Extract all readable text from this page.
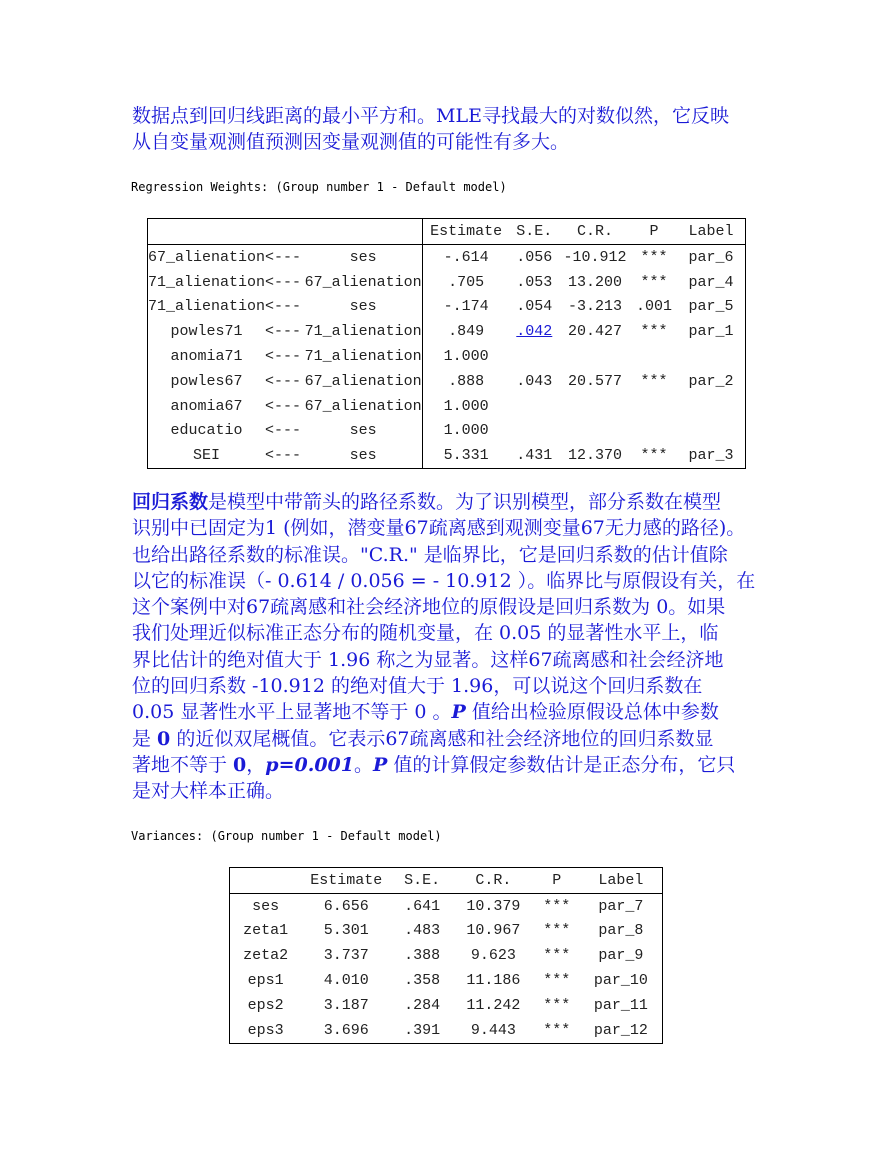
数据点到回归线距离的最小平方和。MLE寻找最大的对数似然，它反映
从自变量观测值预测因变量观测值的可能性有多大。
Regression Weights: (Group number 1 - Default model)
			Estimate	S.E.	C.R.	P	Label
67_alienation	<---	ses	-.614	.056	-10.912	***	par_6
71_alienation	<---	67_alienation	.705	.053	13.200	***	par_4
71_alienation	<---	ses	-.174	.054	-3.213	.001	par_5
powles71	<---	71_alienation	.849	.042	20.427	***	par_1
anomia71	<---	71_alienation	1.000				
powles67	<---	67_alienation	.888	.043	20.577	***	par_2
anomia67	<---	67_alienation	1.000				
educatio	<---	ses	1.000				
SEI	<---	ses	5.331	.431	12.370	***	par_3
回归系数是模型中带箭头的路径系数。为了识别模型，部分系数在模型
识别中已固定为1 (例如，潜变量67疏离感到观测变量67无力感的路径)。
也给出路径系数的标准误。"C.R." 是临界比，它是回归系数的估计值除
以它的标准误（- 0.614 / 0.056 = - 10.912 ）。临界比与原假设有关，在
这个案例中对67疏离感和社会经济地位的原假设是回归系数为 0。如果
我们处理近似标准正态分布的随机变量，在 0.05 的显著性水平上，临
界比估计的绝对值大于 1.96 称之为显著。这样67疏离感和社会经济地
位的回归系数 -10.912 的绝对值大于 1.96，可以说这个回归系数在
0.05 显著性水平上显著地不等于 0 。P 值给出检验原假设总体中参数
是 0 的近似双尾概值。它表示67疏离感和社会经济地位的回归系数显
著地不等于 0，p=0.001。P 值的计算假定参数估计是正态分布，它只
是对大样本正确。
Variances: (Group number 1 - Default model)
	Estimate	S.E.	C.R.	P	Label
ses	6.656	.641	10.379	***	par_7
zeta1	5.301	.483	10.967	***	par_8
zeta2	3.737	.388	9.623	***	par_9
eps1	4.010	.358	11.186	***	par_10
eps2	3.187	.284	11.242	***	par_11
eps3	3.696	.391	9.443	***	par_12
